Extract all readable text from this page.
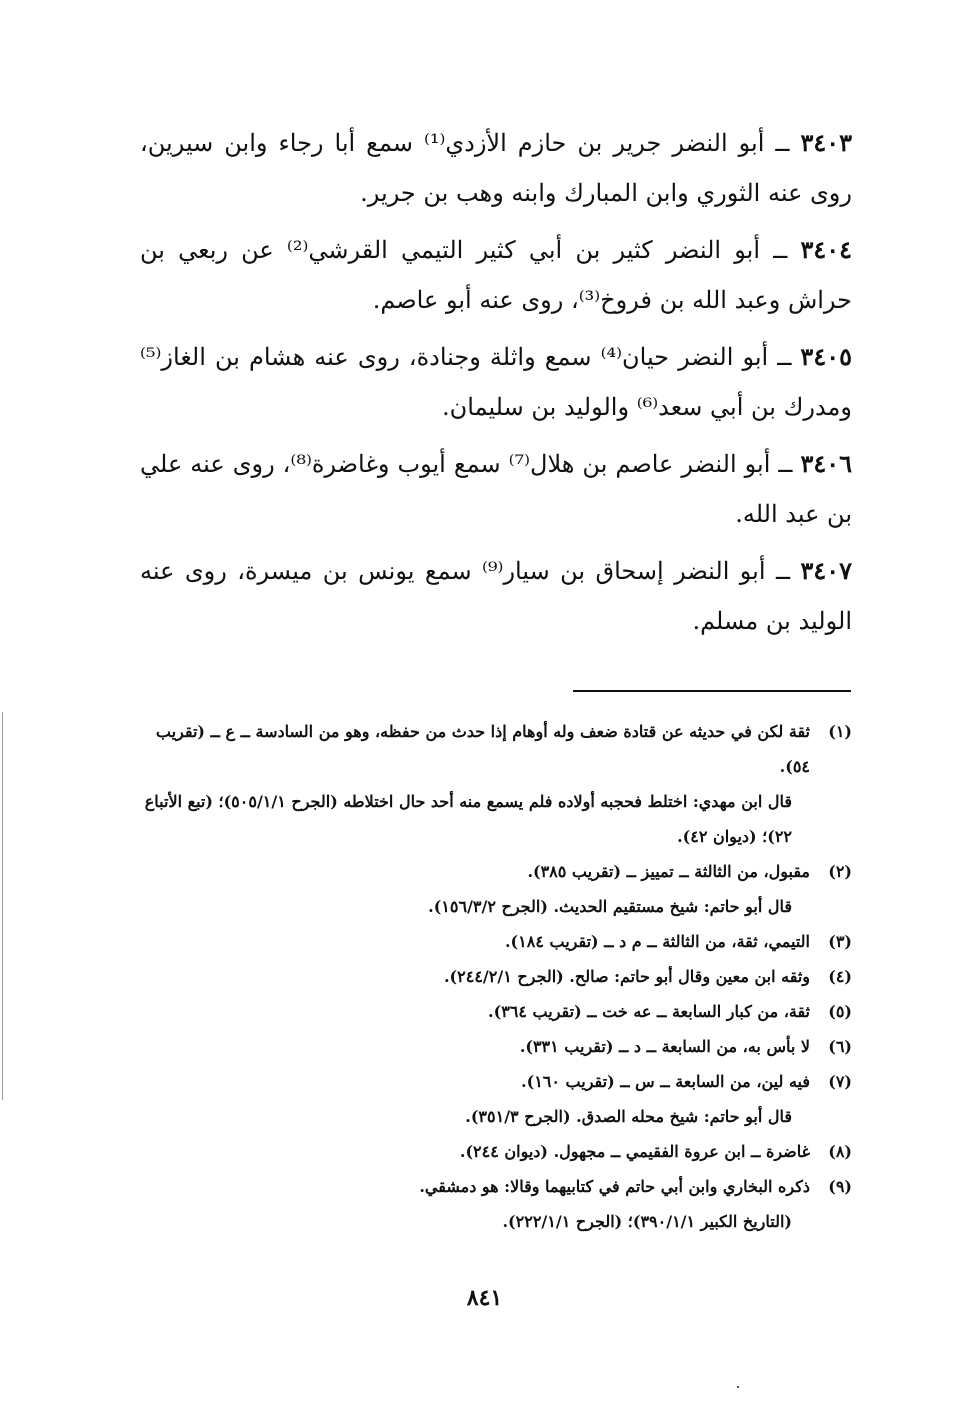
٣٤٠٣ ــ أبو النضر جرير بن حازم الأزدي⁽¹⁾ سمع أبا رجاء وابن سيرين، روى عنه الثوري وابن المبارك وابنه وهب بن جرير.

٣٤٠٤ ــ أبو النضر كثير بن أبي كثير التيمي القرشي⁽²⁾ عن ربعي بن حراش وعبد الله بن فروخ⁽³⁾، روى عنه أبو عاصم.

٣٤٠٥ ــ أبو النضر حيان⁽⁴⁾ سمع واثلة وجنادة، روى عنه هشام بن الغاز⁽⁵⁾ ومدرك بن أبي سعد⁽⁶⁾ والوليد بن سليمان.

٣٤٠٦ ــ أبو النضر عاصم بن هلال⁽⁷⁾ سمع أيوب وغاضرة⁽⁸⁾، روى عنه علي بن عبد الله.

٣٤٠٧ ــ أبو النضر إسحاق بن سيار⁽⁹⁾ سمع يونس بن ميسرة، روى عنه الوليد بن مسلم.

(١)
ثقة لكن في حديثه عن قتادة ضعف وله أوهام إذا حدث من حفظه، وهو من السادسة ــ ع ــ (تقريب ٥٤).
قال ابن مهدي: اختلط فحجبه أولاده فلم يسمع منه أحد حال اختلاطه (الجرح ٥٠٥/١/١)؛ (تبع الأتباع ٢٢)؛ (ديوان ٤٢).
(٢)
مقبول، من الثالثة ــ تمييز ــ (تقريب ٣٨٥).
قال أبو حاتم: شيخ مستقيم الحديث. (الجرح ١٥٦/٣/٢).
(٣)
التيمي، ثقة، من الثالثة ــ م د ــ (تقريب ١٨٤).
(٤)
وثقه ابن معين وقال أبو حاتم: صالح. (الجرح ٢٤٤/٢/١).
(٥)
ثقة، من كبار السابعة ــ عه خت ــ (تقريب ٣٦٤).
(٦)
لا بأس به، من السابعة ــ د ــ (تقريب ٣٣١).
(٧)
فيه لين، من السابعة ــ س ــ (تقريب ١٦٠).
قال أبو حاتم: شيخ محله الصدق. (الجرح ٣٥١/٣).
(٨)
غاضرة ــ ابن عروة الفقيمي ــ مجهول. (ديوان ٢٤٤).
(٩)
ذكره البخاري وابن أبي حاتم في كتابيهما وقالا: هو دمشقي.
(التاريخ الكبير ٣٩٠/١/١)؛ (الجرح ٢٢٢/١/١).
٨٤١
